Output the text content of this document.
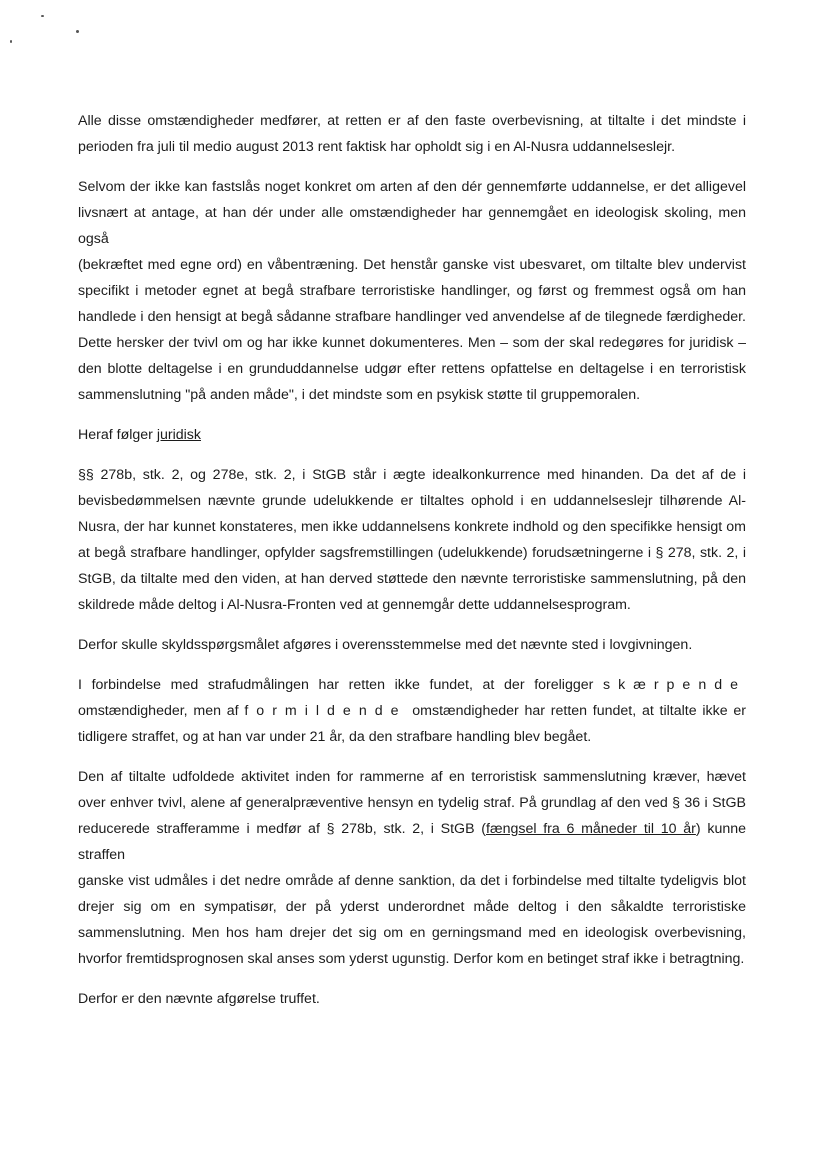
Alle disse omstændigheder medfører, at retten er af den faste overbevisning, at tiltalte i det mindste i
perioden fra juli til medio august 2013 rent faktisk har opholdt sig i en Al-Nusra uddannelseslejr.

Selvom der ikke kan fastslås noget konkret om arten af den dér gennemførte uddannelse, er det alligevel
livsnært at antage, at han dér under alle omstændigheder har gennemgået en ideologisk skoling, men også
(bekræftet med egne ord) en våbentræning. Det henstår ganske vist ubesvaret, om tiltalte blev undervist
specifikt i metoder egnet at begå strafbare terroristiske handlinger, og først og fremmest også om han
handlede i den hensigt at begå sådanne strafbare handlinger ved anvendelse af de tilegnede færdigheder.
Dette hersker der tvivl om og har ikke kunnet dokumenteres. Men – som der skal redegøres for juridisk –
den blotte deltagelse i en grunduddannelse udgør efter rettens opfattelse en deltagelse i en terroristisk
sammenslutning "på anden måde", i det mindste som en psykisk støtte til gruppemoralen.

Heraf følger juridisk

§§ 278b, stk. 2, og 278e, stk. 2, i StGB står i ægte idealkonkurrence med hinanden. Da det af de i
bevisbedømmelsen nævnte grunde udelukkende er tiltaltes ophold i en uddannelseslejr tilhørende Al-
Nusra, der har kunnet konstateres, men ikke uddannelsens konkrete indhold og den specifikke hensigt om
at begå strafbare handlinger, opfylder sagsfremstillingen (udelukkende) forudsætningerne i § 278, stk. 2, i
StGB, da tiltalte med den viden, at han derved støttede den nævnte terroristiske sammenslutning, på den
skildrede måde deltog i Al-Nusra-Fronten ved at gennemgår dette uddannelsesprogram.

Derfor skulle skyldsspørgsmålet afgøres i overensstemmelse med det nævnte sted i lovgivningen.

I forbindelse med strafudmålingen har retten ikke fundet, at der foreligger skærpende
omstændigheder, men af formildende omstændigheder har retten fundet, at tiltalte ikke er
tidligere straffet, og at han var under 21 år, da den strafbare handling blev begået.

Den af tiltalte udfoldede aktivitet inden for rammerne af en terroristisk sammenslutning kræver, hævet
over enhver tvivl, alene af generalpræventive hensyn en tydelig straf. På grundlag af den ved § 36 i StGB
reducerede strafferamme i medfør af § 278b, stk. 2, i StGB (fængsel fra 6 måneder til 10 år) kunne straffen
ganske vist udmåles i det nedre område af denne sanktion, da det i forbindelse med tiltalte tydeligvis blot
drejer sig om en sympatisør, der på yderst underordnet måde deltog i den såkaldte terroristiske
sammenslutning. Men hos ham drejer det sig om en gerningsmand med en ideologisk overbevisning,
hvorfor fremtidsprognosen skal anses som yderst ugunstig. Derfor kom en betinget straf ikke i betragtning.

Derfor er den nævnte afgørelse truffet.
